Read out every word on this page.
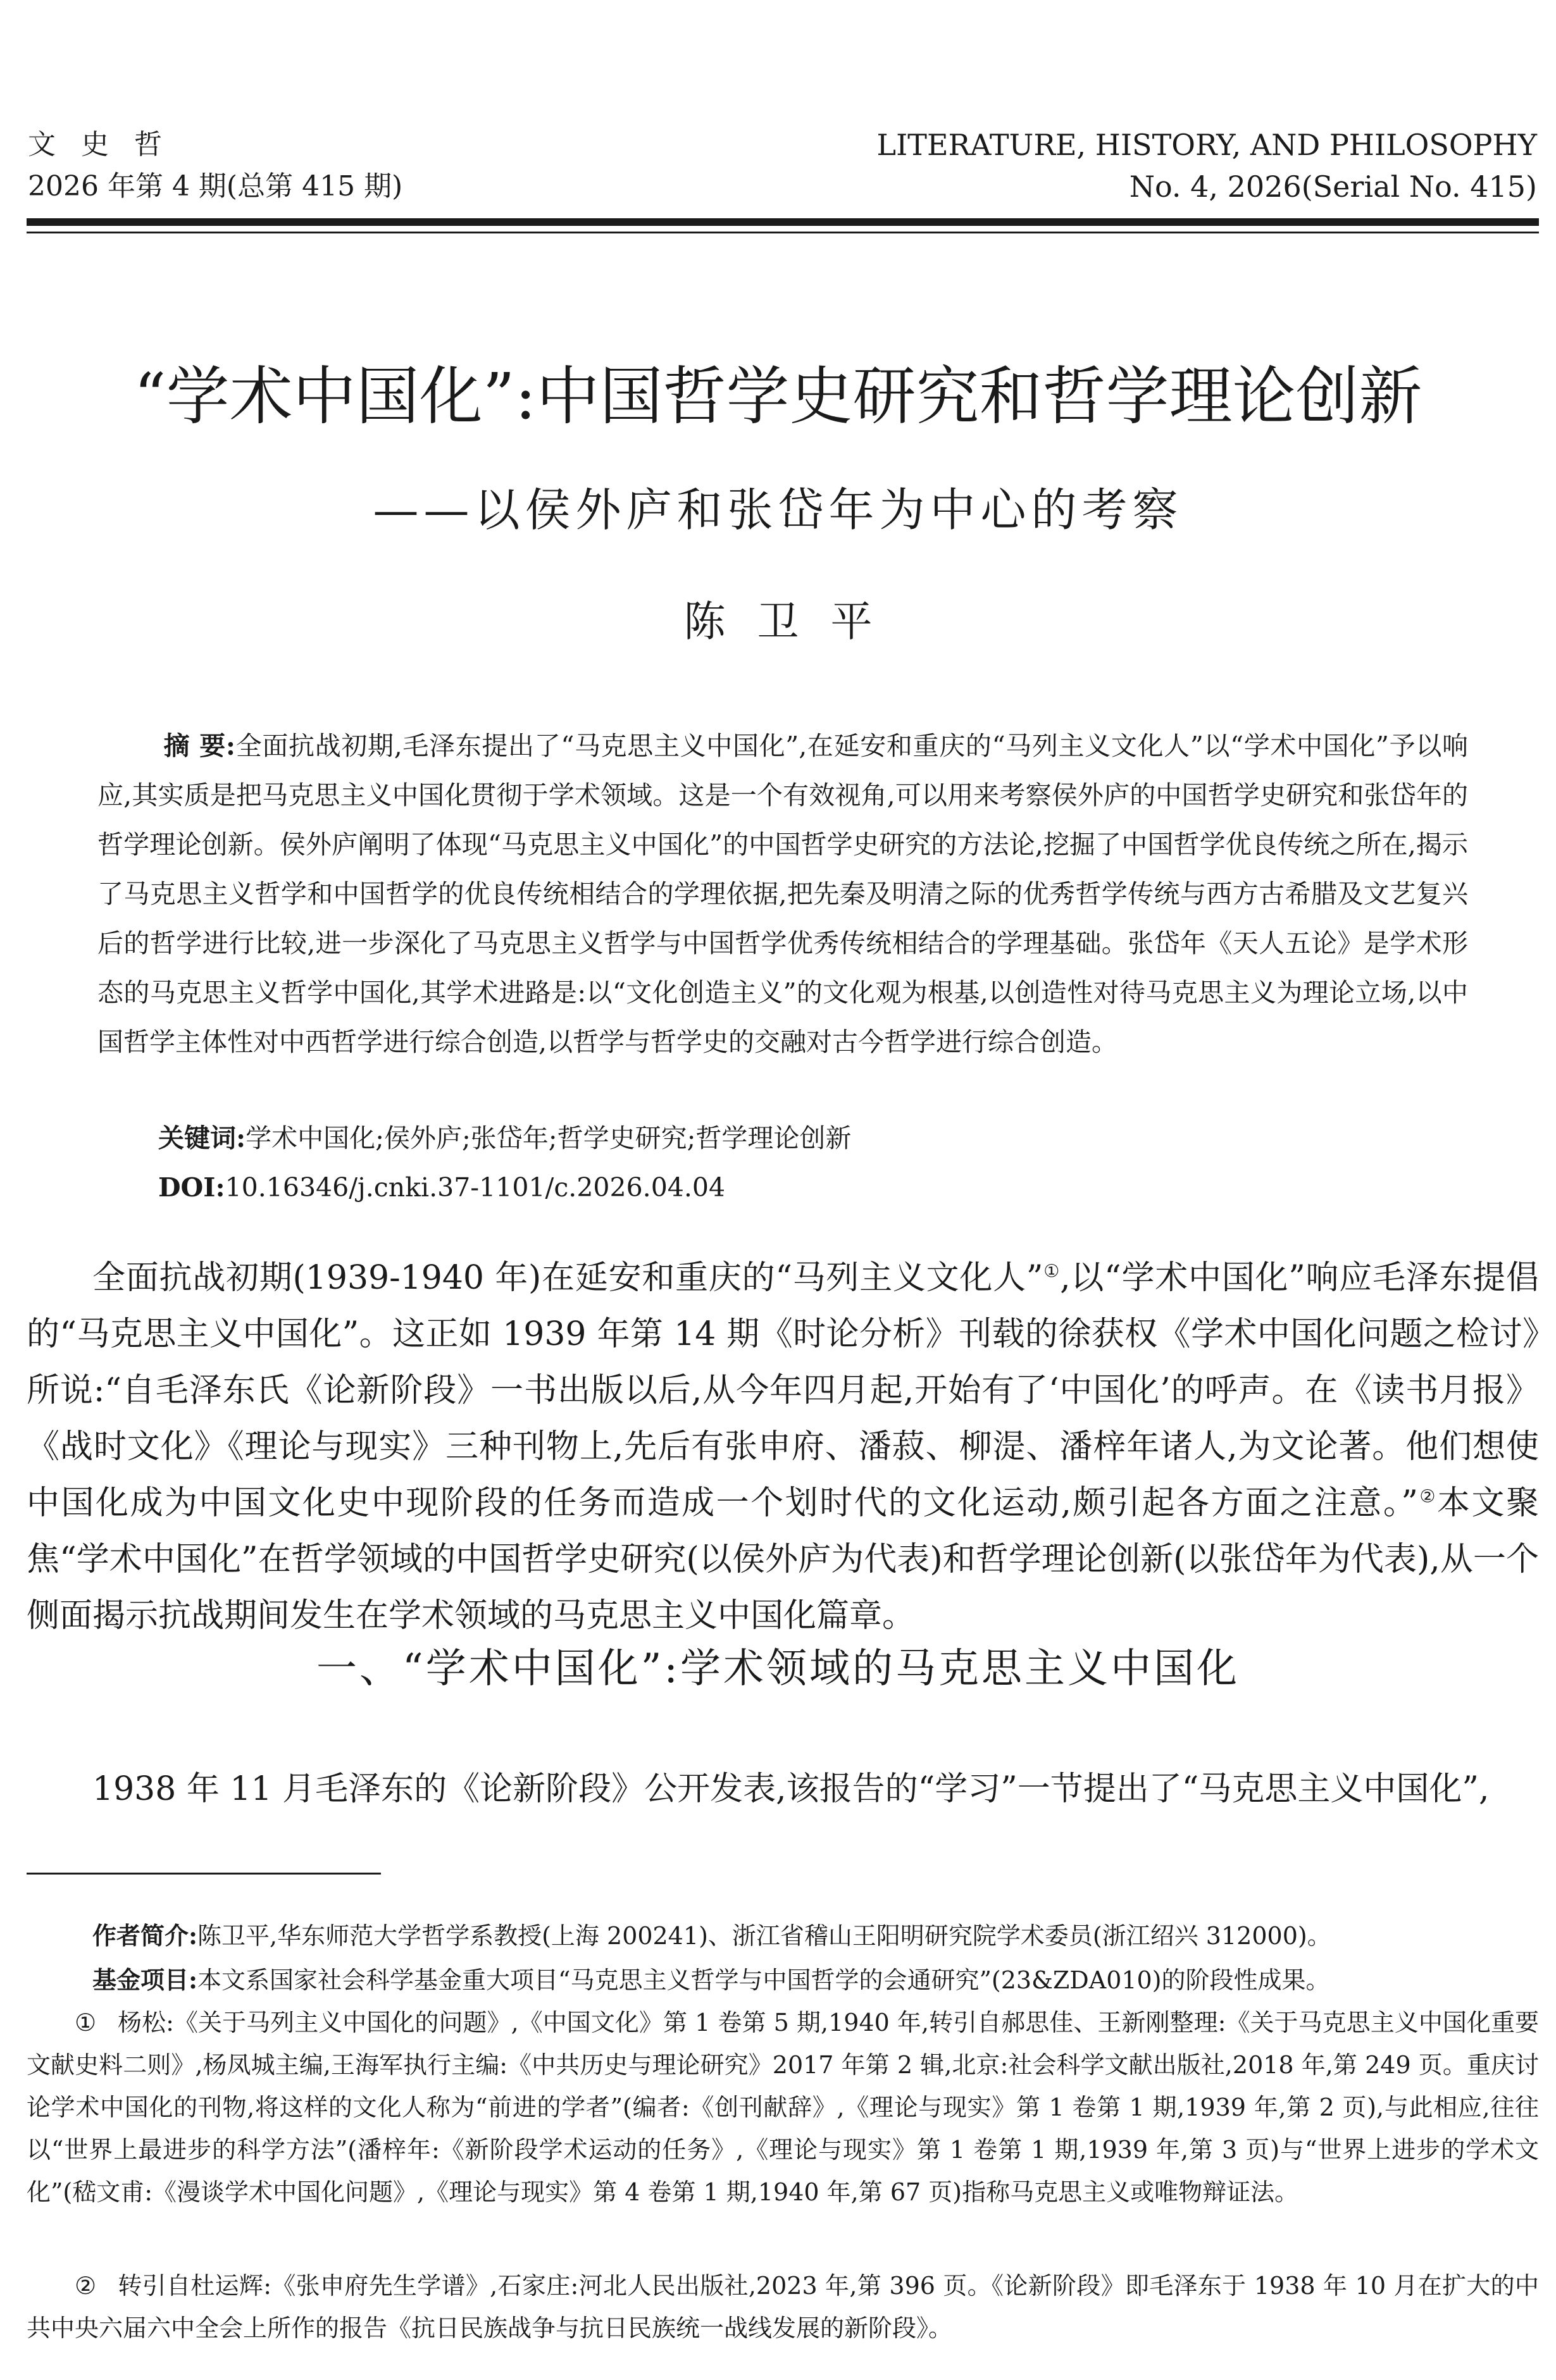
文史哲
2026 年第 4 期(总第 415 期)
LITERATURE, HISTORY, AND PHILOSOPHY
No. 4, 2026(Serial No. 415)
“学术中国化”:中国哲学史研究和哲学理论创新
——以侯外庐和张岱年为中心的考察
陈卫平
摘 要:全面抗战初期,毛泽东提出了“马克思主义中国化”,在延安和重庆的“马列主义文化人”以“学术中国化”予以响应,其实质是把马克思主义中国化贯彻于学术领域。这是一个有效视角,可以用来考察侯外庐的中国哲学史研究和张岱年的哲学理论创新。侯外庐阐明了体现“马克思主义中国化”的中国哲学史研究的方法论,挖掘了中国哲学优良传统之所在,揭示了马克思主义哲学和中国哲学的优良传统相结合的学理依据,把先秦及明清之际的优秀哲学传统与西方古希腊及文艺复兴后的哲学进行比较,进一步深化了马克思主义哲学与中国哲学优秀传统相结合的学理基础。张岱年《天人五论》是学术形态的马克思主义哲学中国化,其学术进路是:以“文化创造主义”的文化观为根基,以创造性对待马克思主义为理论立场,以中国哲学主体性对中西哲学进行综合创造,以哲学与哲学史的交融对古今哲学进行综合创造。
关键词:学术中国化;侯外庐;张岱年;哲学史研究;哲学理论创新
DOI:10.16346/j.cnki.37-1101/c.2026.04.04
全面抗战初期(1939-1940 年)在延安和重庆的“马列主义文化人”①,以“学术中国化”响应毛泽东提倡的“马克思主义中国化”。这正如 1939 年第 14 期《时论分析》刊载的徐获权《学术中国化问题之检讨》所说:“自毛泽东氏《论新阶段》一书出版以后,从今年四月起,开始有了‘中国化’的呼声。在《读书月报》《战时文化》《理论与现实》三种刊物上,先后有张申府、潘菽、柳湜、潘梓年诸人,为文论著。他们想使中国化成为中国文化史中现阶段的任务而造成一个划时代的文化运动,颇引起各方面之注意。”②本文聚焦“学术中国化”在哲学领域的中国哲学史研究(以侯外庐为代表)和哲学理论创新(以张岱年为代表),从一个侧面揭示抗战期间发生在学术领域的马克思主义中国化篇章。
一、“学术中国化”:学术领域的马克思主义中国化
1938 年 11 月毛泽东的《论新阶段》公开发表,该报告的“学习”一节提出了“马克思主义中国化”,
作者简介:陈卫平,华东师范大学哲学系教授(上海 200241)、浙江省稽山王阳明研究院学术委员(浙江绍兴 312000)。
基金项目:本文系国家社会科学基金重大项目“马克思主义哲学与中国哲学的会通研究”(23&ZDA010)的阶段性成果。
① 杨松:《关于马列主义中国化的问题》,《中国文化》第 1 卷第 5 期,1940 年,转引自郝思佳、王新刚整理:《关于马克思主义中国化重要文献史料二则》,杨凤城主编,王海军执行主编:《中共历史与理论研究》2017 年第 2 辑,北京:社会科学文献出版社,2018 年,第 249 页。重庆讨论学术中国化的刊物,将这样的文化人称为“前进的学者”(编者:《创刊献辞》,《理论与现实》第 1 卷第 1 期,1939 年,第 2 页),与此相应,往往以“世界上最进步的科学方法”(潘梓年:《新阶段学术运动的任务》,《理论与现实》第 1 卷第 1 期,1939 年,第 3 页)与“世界上进步的学术文化”(嵇文甫:《漫谈学术中国化问题》,《理论与现实》第 4 卷第 1 期,1940 年,第 67 页)指称马克思主义或唯物辩证法。
② 转引自杜运辉:《张申府先生学谱》,石家庄:河北人民出版社,2023 年,第 396 页。《论新阶段》即毛泽东于 1938 年 10 月在扩大的中共中央六届六中全会上所作的报告《抗日民族战争与抗日民族统一战线发展的新阶段》。
